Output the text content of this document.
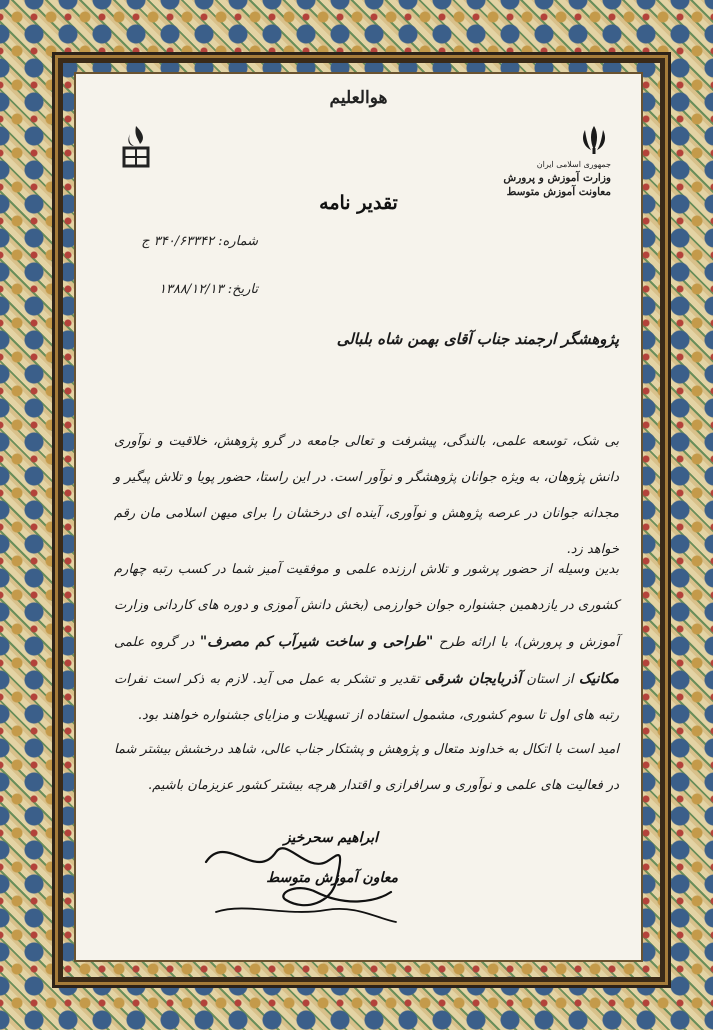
هوالعلیم
جمهوری اسلامی ایران
وزارت آموزش و پرورش
معاونت آموزش متوسط
تقدیر نامه
شماره: ۳۴۰/۶۳۳۴۲ ج
تاریخ: ۱۳۸۸/۱۲/۱۳
پژوهشگر ارجمند جناب آقای بهمن شاه بلبالی
بی شک، توسعه علمی، بالندگی، پیشرفت و تعالی جامعه در گرو پژوهش، خلاقیت و نوآوری دانش پژوهان، به ویژه جوانان پژوهشگر و نوآور است. در این راستا، حضور پویا و تلاش پیگیر و مجدانه جوانان در عرصه پژوهش و نوآوری، آینده ای درخشان را برای میهن اسلامی مان رقم خواهد زد.
بدین وسیله از حضور پرشور و تلاش ارزنده علمی و موفقیت آمیز شما در کسب رتبه چهارم کشوری در یازدهمین جشنواره جوان خوارزمی (بخش دانش آموزی و دوره های کاردانی وزارت آموزش و پرورش)، با ارائه طرح "طراحی و ساخت شیرآب کم مصرف" در گروه علمی مکانیک از استان آذربایجان شرقی تقدیر و تشکر به عمل می آید. لازم به ذکر است نفرات رتبه های اول تا سوم کشوری، مشمول استفاده از تسهیلات و مزایای جشنواره خواهند بود.
امید است با اتکال به خداوند متعال و پژوهش و پشتکار جناب عالی، شاهد درخشش بیشتر شما در فعالیت های علمی و نوآوری و سرافرازی و اقتدار هرچه بیشتر کشور عزیزمان باشیم.
ابراهیم سحرخیز
معاون آموزش متوسط
